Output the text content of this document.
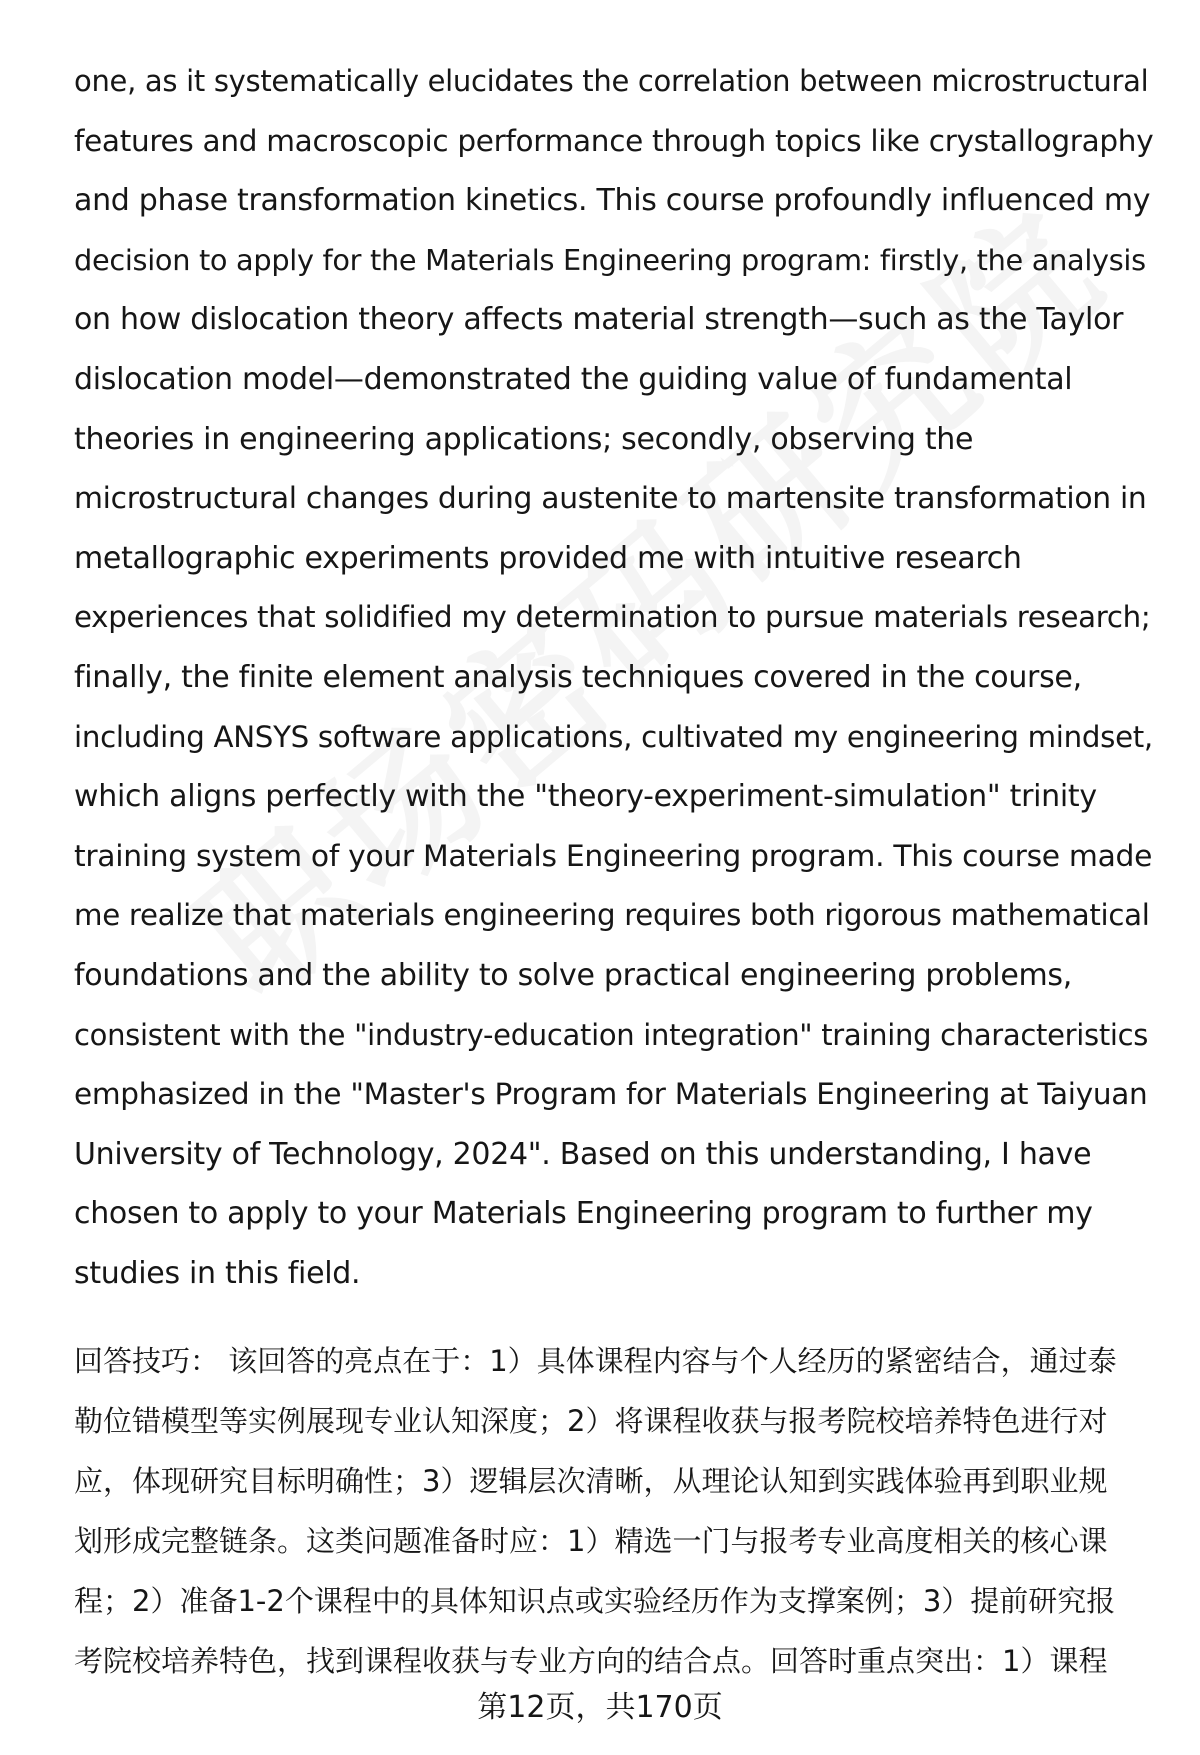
one, as it systematically elucidates the correlation between microstructural
features and macroscopic performance through topics like crystallography
and phase transformation kinetics. This course profoundly influenced my
decision to apply for the Materials Engineering program: firstly, the analysis
on how dislocation theory affects material strength—such as the Taylor
dislocation model—demonstrated the guiding value of fundamental
theories in engineering applications; secondly, observing the
microstructural changes during austenite to martensite transformation in
metallographic experiments provided me with intuitive research
experiences that solidified my determination to pursue materials research;
finally, the finite element analysis techniques covered in the course,
including ANSYS software applications, cultivated my engineering mindset,
which aligns perfectly with the "theory-experiment-simulation" trinity
training system of your Materials Engineering program. This course made
me realize that materials engineering requires both rigorous mathematical
foundations and the ability to solve practical engineering problems,
consistent with the "industry-education integration" training characteristics
emphasized in the "Master's Program for Materials Engineering at Taiyuan
University of Technology, 2024". Based on this understanding, I have
chosen to apply to your Materials Engineering program to further my
studies in this field.
回答技巧： 该回答的亮点在于：1）具体课程内容与个人经历的紧密结合，通过泰
勒位错模型等实例展现专业认知深度；2）将课程收获与报考院校培养特色进行对
应，体现研究目标明确性；3）逻辑层次清晰，从理论认知到实践体验再到职业规
划形成完整链条。这类问题准备时应：1）精选一门与报考专业高度相关的核心课
程；2）准备1-2个课程中的具体知识点或实验经历作为支撑案例；3）提前研究报
考院校培养特色，找到课程收获与专业方向的结合点。回答时重点突出：1）课程
第12页，共170页
